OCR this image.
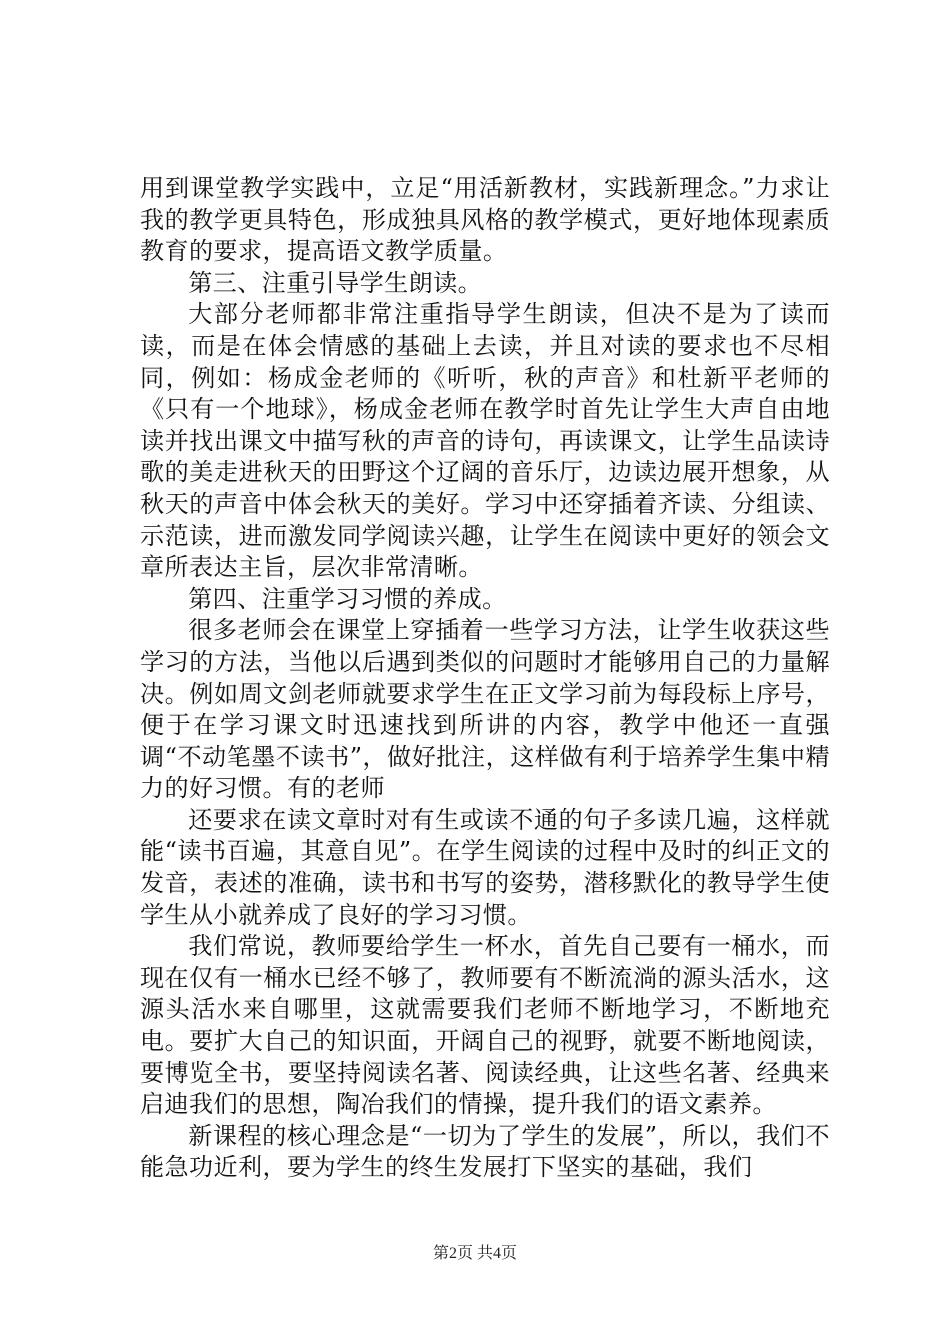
用到课堂教学实践中，立足“用活新教材，实践新理念。”力求让我的教学更具特色，形成独具风格的教学模式，更好地体现素质教育的要求，提高语文教学质量。

第三、注重引导学生朗读。

大部分老师都非常注重指导学生朗读，但决不是为了读而读，而是在体会情感的基础上去读，并且对读的要求也不尽相同，例如：杨成金老师的《听听，秋的声音》和杜新平老师的《只有一个地球》，杨成金老师在教学时首先让学生大声自由地读并找出课文中描写秋的声音的诗句，再读课文，让学生品读诗歌的美走进秋天的田野这个辽阔的音乐厅，边读边展开想象，从秋天的声音中体会秋天的美好。学习中还穿插着齐读、分组读、示范读，进而激发同学阅读兴趣，让学生在阅读中更好的领会文章所表达主旨，层次非常清晰。

第四、注重学习习惯的养成。

很多老师会在课堂上穿插着一些学习方法，让学生收获这些学习的方法，当他以后遇到类似的问题时才能够用自己的力量解决。例如周文剑老师就要求学生在正文学习前为每段标上序号，便于在学习课文时迅速找到所讲的内容，教学中他还一直强调“不动笔墨不读书”，做好批注，这样做有利于培养学生集中精力的好习惯。有的老师

还要求在读文章时对有生或读不通的句子多读几遍，这样就能“读书百遍，其意自见”。在学生阅读的过程中及时的纠正文的发音，表述的准确，读书和书写的姿势，潜移默化的教导学生使学生从小就养成了良好的学习习惯。

我们常说，教师要给学生一杯水，首先自己要有一桶水，而现在仅有一桶水已经不够了，教师要有不断流淌的源头活水，这源头活水来自哪里，这就需要我们老师不断地学习，不断地充电。要扩大自己的知识面，开阔自己的视野，就要不断地阅读，要博览全书，要坚持阅读名著、阅读经典，让这些名著、经典来启迪我们的思想，陶冶我们的情操，提升我们的语文素养。

新课程的核心理念是“一切为了学生的发展”，所以，我们不能急功近利，要为学生的终生发展打下坚实的基础，我们

第2页 共4页
